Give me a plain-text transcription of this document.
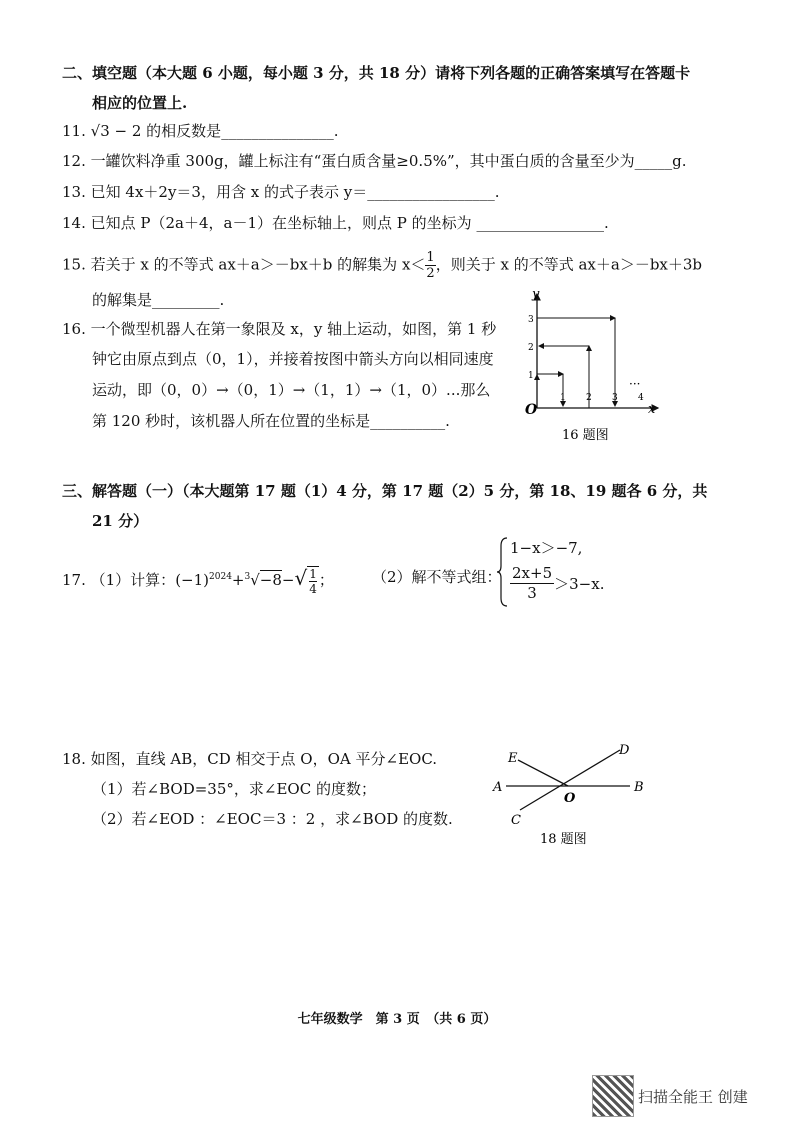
二、填空题（本大题 6 小题，每小题 3 分，共 18 分）请将下列各题的正确答案填写在答题卡
相应的位置上.
11. √3 − 2 的相反数是_______________.
12. 一罐饮料净重 300g，罐上标注有“蛋白质含量≥0.5%”，其中蛋白质的含量至少为_____g.
13. 已知 4x＋2y＝3，用含 x 的式子表示 y＝_________________.
14. 已知点 P（2a＋4，a－1）在坐标轴上，则点 P 的坐标为 _________________.
15. 若关于 x 的不等式 ax＋a＞－bx＋b 的解集为 $x< \frac{1}{2}$ ，则关于 x 的不等式 ax＋a＞－bx＋3b
的解集是_________.
16. 一个微型机器人在第一象限及 x，y 轴上运动，如图，第 1 秒
钟它由原点到点（0，1），并接着按图中箭头方向以相同速度
运动，即（0，0）→（0，1）→（1，1）→（1，0）...那么
第 120 秒时，该机器人所在位置的坐标是__________.
y
x
O
1 2 3 4
1
2
3
···
16 题图
三、解答题（一）（本大题第 17 题（1）4 分，第 17 题（2）5 分，第 18、19 题各 6 分，共
21 分）
17. （1）计算：$(-1)^{2024}+^3√-8-√ \frac{1}{4}$ ；	（2）解不等式组：
1−x＞−7,
$\frac{2x+5}{3} >3-x$.
18. 如图，直线 AB，CD 相交于点 O，OA 平分∠EOC.
（1）若∠BOD=35°，求∠EOC 的度数；
（2）若∠EOD ：∠EOC＝3 ：2 ，求∠BOD 的度数.
E
D
A	B
O
C
18 题图
七年级数学　第 3 页　（共 6 页）
扫描全能王 创建
